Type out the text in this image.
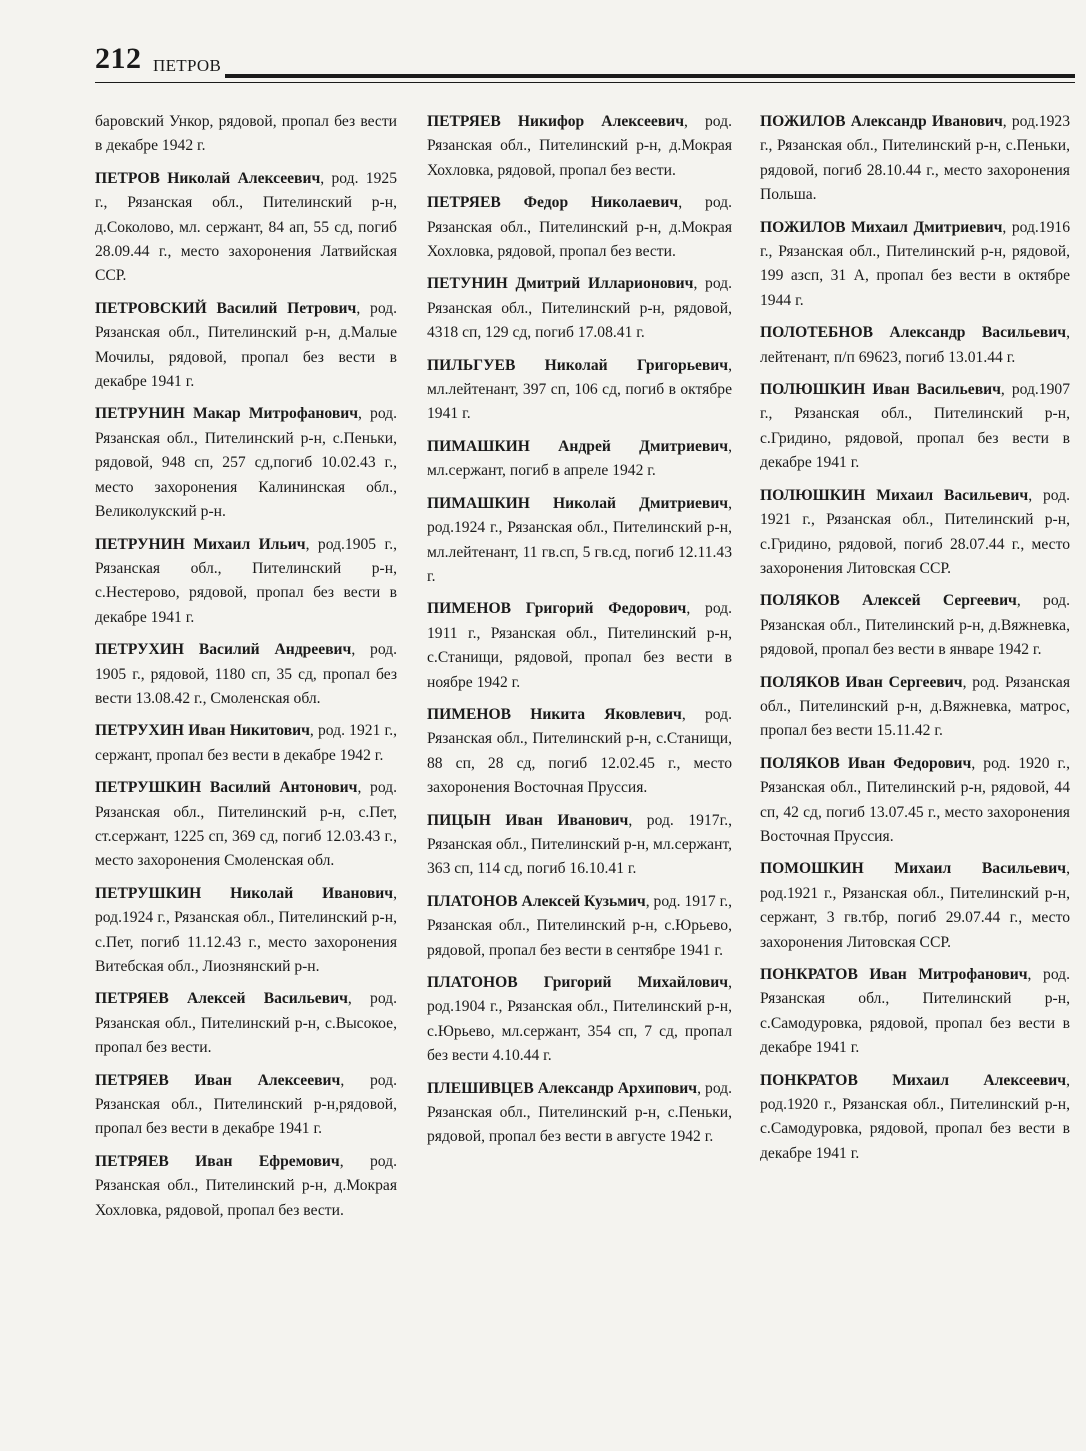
212 ПЕТРОВ

баровский Ункор, рядовой, пропал без вести в декабре 1942 г.

ПЕТРОВ Николай Алексеевич, род. 1925 г., Рязанская обл., Пителинский р-н, д.Соколово, мл. сержант, 84 ап, 55 сд, погиб 28.09.44 г., место захоронения Латвийская ССР.

ПЕТРОВСКИЙ Василий Петрович, род. Рязанская обл., Пителинский р-н, д.Малые Мочилы, рядовой, пропал без вести в декабре 1941 г.

ПЕТРУНИН Макар Митрофанович, род. Рязанская обл., Пителинский р-н, с.Пеньки, рядовой, 948 сп, 257 сд,погиб 10.02.43 г., место захоронения Калининская обл., Великолукский р-н.

ПЕТРУНИН Михаил Ильич, род.1905 г., Рязанская обл., Пителинский р-н, с.Нестерово, рядовой, пропал без вести в декабре 1941 г.

ПЕТРУХИН Василий Андреевич, род. 1905 г., рядовой, 1180 сп, 35 сд, пропал без вести 13.08.42 г., Смоленская обл.

ПЕТРУХИН Иван Никитович, род. 1921 г., сержант, пропал без вести в декабре 1942 г.

ПЕТРУШКИН Василий Антонович, род. Рязанская обл., Пителинский р-н, с.Пет, ст.сержант, 1225 сп, 369 сд, погиб 12.03.43 г., место захоронения Смоленская обл.

ПЕТРУШКИН Николай Иванович, род.1924 г., Рязанская обл., Пителинский р-н, с.Пет, погиб 11.12.43 г., место захоронения Витебская обл., Лиознянский р-н.

ПЕТРЯЕВ Алексей Васильевич, род. Рязанская обл., Пителинский р-н, с.Высокое, пропал без вести.

ПЕТРЯЕВ Иван Алексеевич, род. Рязанская обл., Пителинский р-н,рядовой, пропал без вести в декабре 1941 г.

ПЕТРЯЕВ Иван Ефремович, род. Рязанская обл., Пителинский р-н, д.Мокрая Хохловка, рядовой, пропал без вести.

ПЕТРЯЕВ Никифор Алексеевич, род. Рязанская обл., Пителинский р-н, д.Мокрая Хохловка, рядовой, пропал без вести.

ПЕТРЯЕВ Федор Николаевич, род. Рязанская обл., Пителинский р-н, д.Мокрая Хохловка, рядовой, пропал без вести.

ПЕТУНИН Дмитрий Илларионович, род. Рязанская обл., Пителинский р-н, рядовой, 4318 сп, 129 сд, погиб 17.08.41 г.

ПИЛЬГУЕВ Николай Григорьевич, мл.лейтенант, 397 сп, 106 сд, погиб в октябре 1941 г.

ПИМАШКИН Андрей Дмитриевич, мл.сержант, погиб в апреле 1942 г.

ПИМАШКИН Николай Дмитриевич, род.1924 г., Рязанская обл., Пителинский р-н, мл.лейтенант, 11 гв.сп, 5 гв.сд, погиб 12.11.43 г.

ПИМЕНОВ Григорий Федорович, род. 1911 г., Рязанская обл., Пителинский р-н, с.Станищи, рядовой, пропал без вести в ноябре 1942 г.

ПИМЕНОВ Никита Яковлевич, род. Рязанская обл., Пителинский р-н, с.Станищи, 88 сп, 28 сд, погиб 12.02.45 г., место захоронения Восточная Пруссия.

ПИЦЫН Иван Иванович, род. 1917г., Рязанская обл., Пителинский р-н, мл.сержант, 363 сп, 114 сд, погиб 16.10.41 г.

ПЛАТОНОВ Алексей Кузьмич, род. 1917 г., Рязанская обл., Пителинский р-н, с.Юрьево, рядовой, пропал без вести в сентябре 1941 г.

ПЛАТОНОВ Григорий Михайлович, род.1904 г., Рязанская обл., Пителинский р-н, с.Юрьево, мл.сержант, 354 сп, 7 сд, пропал без вести 4.10.44 г.

ПЛЕШИВЦЕВ Александр Архипович, род. Рязанская обл., Пителинский р-н, с.Пеньки, рядовой, пропал без вести в августе 1942 г.

ПОЖИЛОВ Александр Иванович, род.1923 г., Рязанская обл., Пителинский р-н, с.Пеньки, рядовой, погиб 28.10.44 г., место захоронения Польша.

ПОЖИЛОВ Михаил Дмитриевич, род.1916 г., Рязанская обл., Пителинский р-н, рядовой, 199 азсп, 31 А, пропал без вести в октябре 1944 г.

ПОЛОТЕБНОВ Александр Васильевич, лейтенант, п/п 69623, погиб 13.01.44 г.

ПОЛЮШКИН Иван Васильевич, род.1907 г., Рязанская обл., Пителинский р-н, с.Гридино, рядовой, пропал без вести в декабре 1941 г.

ПОЛЮШКИН Михаил Васильевич, род. 1921 г., Рязанская обл., Пителинский р-н, с.Гридино, рядовой, погиб 28.07.44 г., место захоронения Литовская ССР.

ПОЛЯКОВ Алексей Сергеевич, род. Рязанская обл., Пителинский р-н, д.Вяжневка, рядовой, пропал без вести в январе 1942 г.

ПОЛЯКОВ Иван Сергеевич, род. Рязанская обл., Пителинский р-н, д.Вяжневка, матрос, пропал без вести 15.11.42 г.

ПОЛЯКОВ Иван Федорович, род. 1920 г., Рязанская обл., Пителинский р-н, рядовой, 44 сп, 42 сд, погиб 13.07.45 г., место захоронения Восточная Пруссия.

ПОМОШКИН Михаил Васильевич, род.1921 г., Рязанская обл., Пителинский р-н, сержант, 3 гв.тбр, погиб 29.07.44 г., место захоронения Литовская ССР.

ПОНКРАТОВ Иван Митрофанович, род. Рязанская обл., Пителинский р-н, с.Самодуровка, рядовой, пропал без вести в декабре 1941 г.

ПОНКРАТОВ Михаил Алексеевич, род.1920 г., Рязанская обл., Пителинский р-н, с.Самодуровка, рядовой, пропал без вести в декабре 1941 г.
